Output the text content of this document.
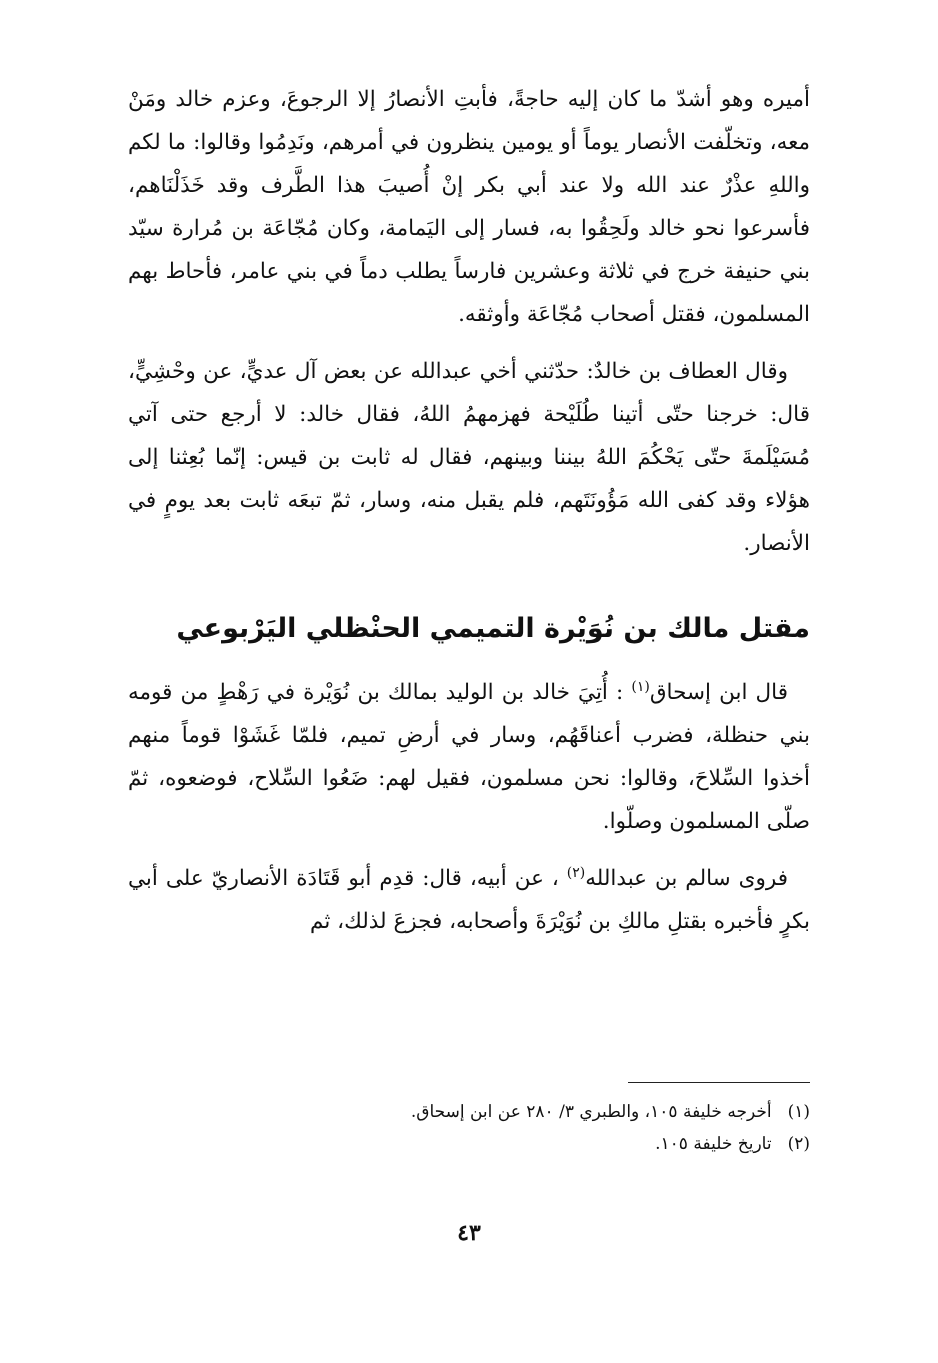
أميره وهو أشدّ ما كان إليه حاجةً، فأبتِ الأنصارُ إلا الرجوعَ، وعزم خالد ومَنْ معه، وتخلّفت الأنصار يوماً أو يومين ينظرون في أمرهم، ونَدِمُوا وقالوا: ما لكم واللهِ عذْرٌ عند الله ولا عند أبي بكر إنْ أُصيبَ هذا الطَّرف وقد خَذَلْنَاهم، فأسرعوا نحو خالد ولَحِقُوا به، فسار إلى اليَمامة، وكان مُجّاعَة بن مُرارة سيّد بني حنيفة خرج في ثلاثة وعشرين فارساً يطلب دماً في بني عامر، فأحاط بهم المسلمون، فقتل أصحاب مُجّاعَة وأوثقه.

وقال العطاف بن خالدٌ: حدّثني أخي عبدالله عن بعض آل عديٍّ، عن وحْشِيٍّ، قال: خرجنا حتّى أتينا طُلَيْحة فهزمهمُ اللهُ، فقال خالد: لا أرجع حتى آتي مُسَيْلَمةَ حتّى يَحْكُمَ اللهُ بيننا وبينهم، فقال له ثابت بن قيس: إنّما بُعِثنا إلى هؤلاء وقد كفى الله مَؤُونَتَهم، فلم يقبل منه، وسار، ثمّ تبعَه ثابت بعد يومٍ في الأنصار.

مقتل مالك بن نُوَيْرة التميمي الحنْظلي اليَرْبوعي

قال ابن إسحاق$^{(١)}$ : أُتِيَ خالد بن الوليد بمالك بن نُوَيْرة في رَهْطٍ من قومه بني حنظلة، فضرب أعناقَهُم، وسار في أرضِ تميم، فلمّا غَشَوْا قوماً منهم أخذوا السِّلاحَ، وقالوا: نحن مسلمون، فقيل لهم: ضَعُوا السِّلاح، فوضعوه، ثمّ صلّى المسلمون وصلّوا.

فروى سالم بن عبدالله$^{(٢)}$ ، عن أبيه، قال: قدِم أبو قَتَادَة الأنصاريّ على أبي بكرٍ فأخبره بقتلِ مالكِ بن نُوَيْرَةَ وأصحابه، فجزعَ لذلك، ثم

(١)
أخرجه خليفة ١٠٥، والطبري ٣/ ٢٨٠ عن ابن إسحاق.
(٢)
تاريخ خليفة ١٠٥.
٤٣
